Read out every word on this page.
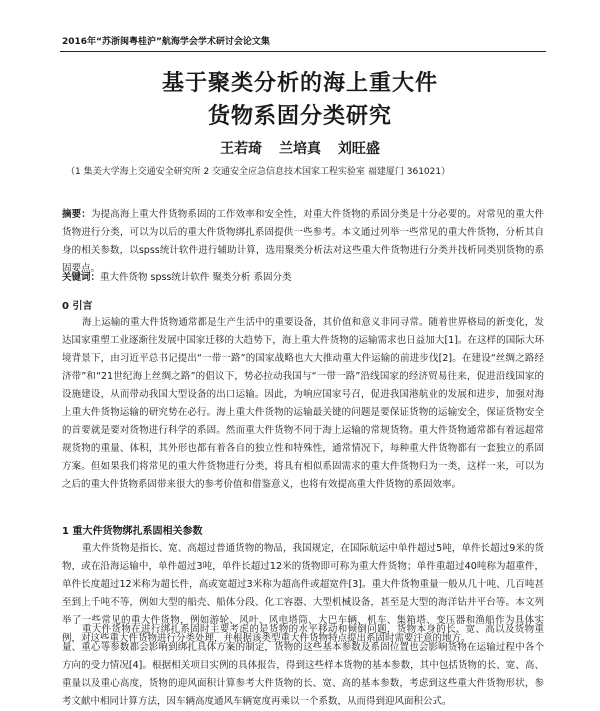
2016年“苏浙闽粤桂沪”航海学会学术研讨会论文集
基于聚类分析的海上重大件
货物系固分类研究
王若琦 兰培真 刘旺盛
（1 集美大学海上交通安全研究所 2 交通安全应急信息技术国家工程实验室 福建厦门 361021）
摘要：为提高海上重大件货物系固的工作效率和安全性，对重大件货物的系固分类是十分必要的。对常见的重大件货物进行分类，可以为以后的重大件货物绑扎系固提供一些参考。本文通过列举一些常见的重大件货物，分析其自身的相关参数，以spss统计软件进行辅助计算，选用聚类分析法对这些重大件货物进行分类并找析同类别货物的系固要点。
关键词：重大件货物 spss统计软件 聚类分析 系固分类
0 引言
海上运输的重大件货物通常都是生产生活中的重要设备，其价值和意义非同寻常。随着世界格局的新变化，发达国家重塑工业逐渐往发展中国家迁移的大趋势下，海上重大件货物的运输需求也日益加大[1]。在这样的国际大环境背景下，由习近平总书记提出“一带一路”的国家战略也大大推动重大件运输的前进步伐[2]。在建设“丝绸之路经济带”和“21世纪海上丝绸之路”的倡议下，势必拉动我国与“一带一路”沿线国家的经济贸易往来，促进沿线国家的设施建设，从而带动我国大型设备的出口运输。因此，为响应国家号召，促进我国港航业的发展和进步，加强对海上重大件货物运输的研究势在必行。海上重大件货物的运输最关键的问题是要保证货物的运输安全，保证货物安全的首要就是要对货物进行科学的系固。然而重大件货物不同于海上运输的常规货物。重大件货物通常都有着远超常规货物的重量、体积，其外形也都有着各自的独立性和特殊性，通常情况下，每种重大件货物都有一套独立的系固方案。但如果我们将常见的重大件货物进行分类，将具有相似系固需求的重大件货物归为一类，这样一来，可以为之后的重大件货物系固带来很大的参考价值和借鉴意义，也将有效提高重大件货物的系固效率。
1 重大件货物绑扎系固相关参数
重大件货物是指长、宽、高超过普通货物的物品，我国规定，在国际航运中单件超过5吨，单件长超过9米的货物，或在沿海运输中，单件超过3吨，单件长超过12米的货物即可称为重大件货物；单件重超过40吨称为超重件，单件长度超过12米称为超长件，高或宽超过3米称为超高件或超宽件[3]。重大件货物重量一般从几十吨、几百吨甚至到上千吨不等，例如大型的船壳、船体分段、化工容器、大型机械设备，甚至是大型的海洋钻井平台等。本文列举了一些常见的重大件货物，例如游轮、风叶、风电塔筒、大巴车辆、机车、集箱塔、变压器和渔船作为具体实例，对这些重大件货物进行分类处理，并根据该类型重大件货物特点提出系固时需要注意的地方。
重大件货物在进行绑扎系固时主要考虑的是货物的水平移动和倾倒问题，货物本身的长、宽、高以及货物重量、重心等参数都会影响到绑扎具体方案的制定，货物的这些基本参数及系固位置也会影响货物在运输过程中各个方向的受力情况[4]。根据相关项目实例的具体报告，得到这些样本货物的基本参数，其中包括货物的长、宽、高、重量以及重心高度，货物的迎风面积计算参考大件货物的长、宽、高的基本参数，考虑到这些重大件货物形状，参考文献中相同计算方法，因车辆高度通风车辆宽度再乘以一个系数，从而得到迎风面积公式。
